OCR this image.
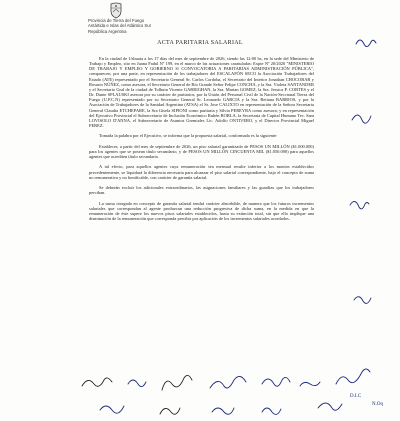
Provincia de Tierra del Fuego
Antártida e Islas del Atlántico Sur
República Argentina
ACTA PARITARIA SALARIAL

En la ciudad de Ushuaia a los 17 días del mes de septiembre de 2026, siendo las 12:00 hs, en la sede del Ministerio de Trabajo y Empleo, sito en Juana Fadul Nº 199, en el marco de las actuaciones caratuladas: Expte Nº 20/2020 "MINISTERIO DE TRABAJO Y EMPLEO Y GOBIERNO S/ CONVOCATORIA A PARITARIAS ADMINISTRACIÓN PÚBLICA", comparecen, por una parte, en representación de los trabajadores del ESCALAFÓN SECO la Asociación Trabajadores del Estado (ATE) representado por el Secretario General Sr. Carlos Cordoba, el Secretario del Interior Jonathan CHOCOBAR y Rosario NÚÑEZ, como asesora, el Secretario General de Río Grande Señor Felipe CONCHA, y la Sra. Violeta SANTANDER y el Secretario Gral de la ciudad de Tolhuin Vicente GARRIGHAN, la Sra. Marian GOMEZ, la Sra. Jessica P. COBTES y el Dr. Dante SPLAUSKI asesora por su carácter de paritarios, por la Unión del Personal Civil de la Nación-Seccional Tierra del Fuego (U.P.C.N) representado por su Secretario General Sr. Leonardo GARCIA y la Sra. Betiana BARRIOS, y por la Asociación de Trabajadores de la Sanidad Argentina (ATSA) el Sr. Jose CALIXTO en representación de la Señora Secretaria General Claudia ETCHEPARE, la Sra Gisela SIPIONI como paritaria y Silvia PEREYRA como asesora; y en representación del Ejecutivo Provincial el Subsecretario de Inclusión Económico Rubén BORLA, la Secretaria de Capital Humano Tec. Sara LOVISOLO D'ANNA, el Subsecretario de Asuntos Gremiales Lic. Adolfo ONTIVERO, y el Director Provincial Miguel PEREZ.

Tomada la palabra por el Ejecutivo, se informa que la propuesta salarial, conformada es la siguiente:

Establecer, a partir del mes de septiembre de 2026, un piso salarial garantizado de PESOS UN MILLÓN ($1.000.000) para los agentes que se posean título secundario, y de PESOS UN MILLÓN CINCUENTA MIL ($1.050.000) para aquellos agentes que acrediten título secundario.

A tal efecto, para aquellos agentes cuya remuneración sea mensual resulte inferior a los montos establecidos precedentemente, se liquidará la diferencia necesaria para alcanzar el piso salarial correspondiente, bajo el concepto de suma no remunerativa y no bonificable, con carácter de garantía salarial.

Se deberán excluir los adicionales extraordinarios, las asignaciones familiares y las guardias que los trabajadores perciban.

La suma otorgada en concepto de garantía salarial tendrá carácter absorbible, de manera que los futuros incrementos salariales que correspondan al agente produzcan una reducción progresiva de dicha suma, en la medida en que la remuneración de éste supere los nuevos pisos salariales establecidos, hasta su extinción total, sin que ello implique una disminución de la remuneración que corresponda percibir por aplicación de los incrementos salariales acordados.

D.I.C
N.Oq
